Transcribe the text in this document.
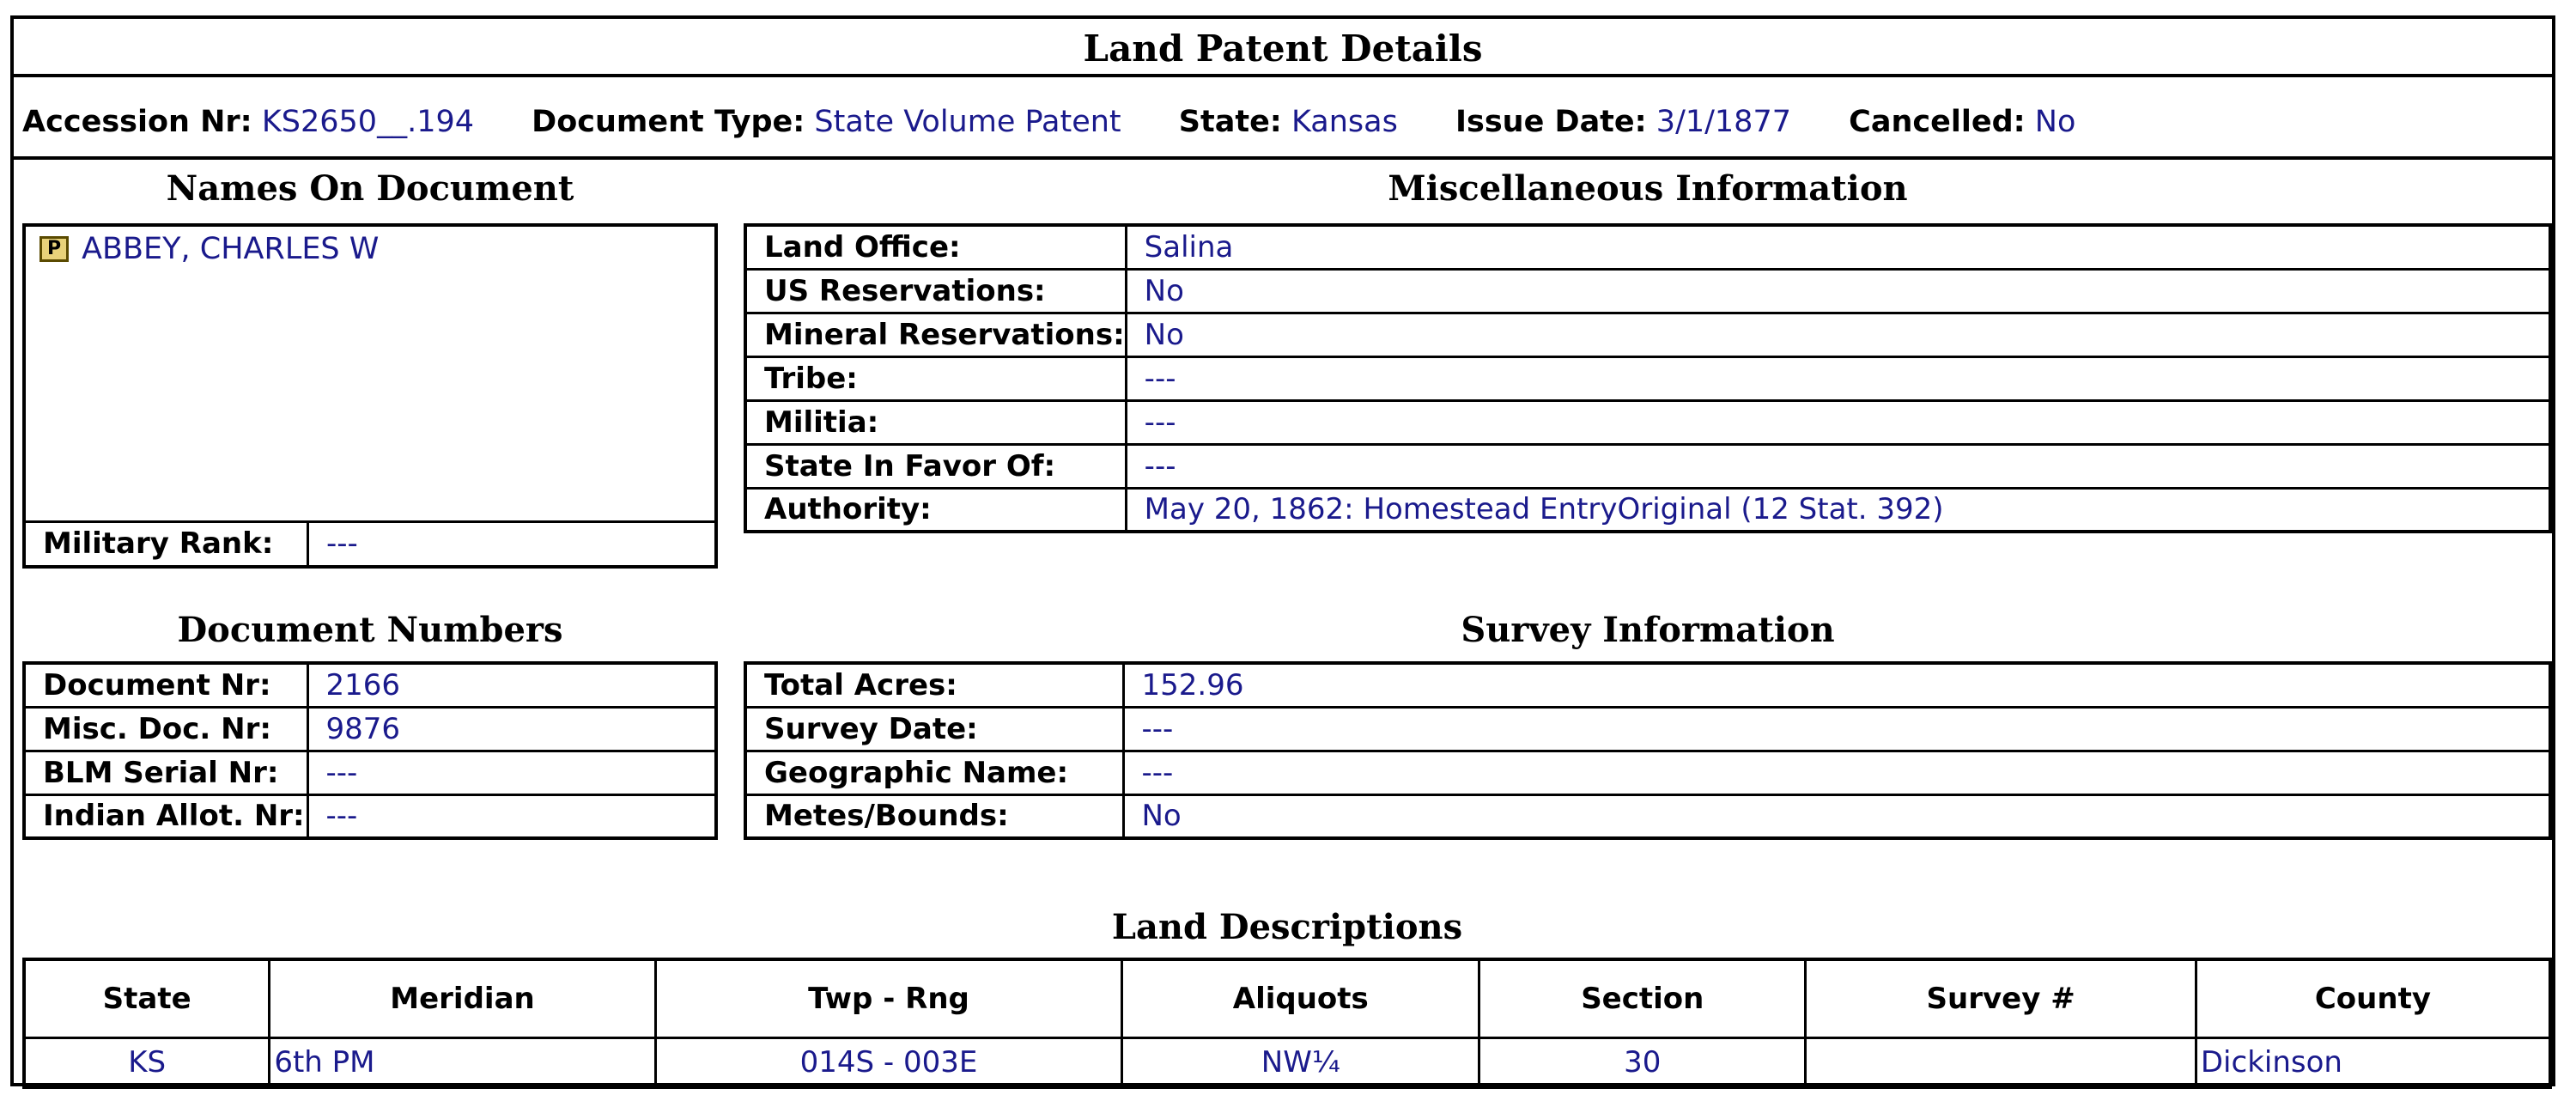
Land Patent Details
Accession Nr: KS2650__.194 Document Type: State Volume Patent State: Kansas Issue Date: 3/1/1877 Cancelled: No
Names On Document
P ABBEY, CHARLES W
Military Rank:	---
Miscellaneous Information
Land Office:	Salina
US Reservations:	No
Mineral Reservations:	No
Tribe:	---
Militia:	---
State In Favor Of:	---
Authority:	May 20, 1862: Homestead EntryOriginal (12 Stat. 392)
Document Numbers
Document Nr:	2166
Misc. Doc. Nr:	9876
BLM Serial Nr:	---
Indian Allot. Nr:	---
Survey Information
Total Acres:	152.96
Survey Date:	---
Geographic Name:	---
Metes/Bounds:	No
Land Descriptions
State	Meridian	Twp - Rng	Aliquots	Section	Survey #	County
KS	6th PM	014S - 003E	NW¼	30		Dickinson
